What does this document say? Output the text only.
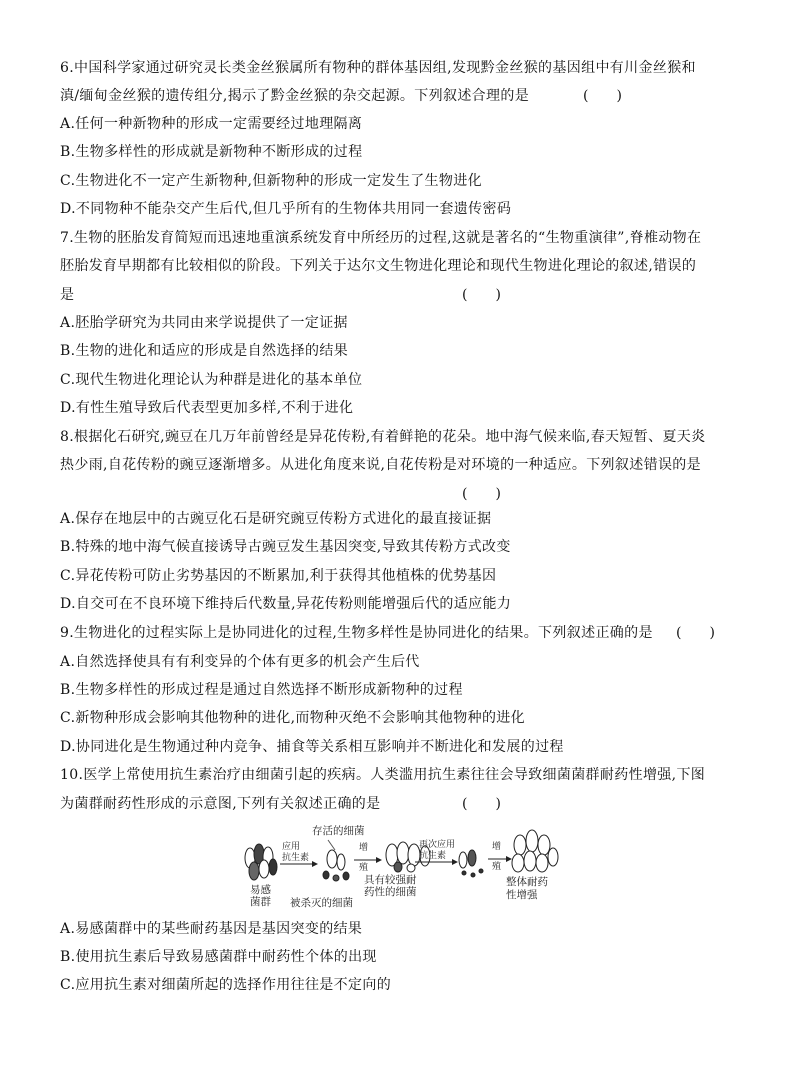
6.中国科学家通过研究灵长类金丝猴属所有物种的群体基因组,发现黔金丝猴的基因组中有川金丝猴和
滇/缅甸金丝猴的遗传组分,揭示了黔金丝猴的杂交起源。下列叙述合理的是	(　　)
A.任何一种新物种的形成一定需要经过地理隔离
B.生物多样性的形成就是新物种不断形成的过程
C.生物进化不一定产生新物种,但新物种的形成一定发生了生物进化
D.不同物种不能杂交产生后代,但几乎所有的生物体共用同一套遗传密码
7.生物的胚胎发育简短而迅速地重演系统发育中所经历的过程,这就是著名的“生物重演律”,脊椎动物在
胚胎发育早期都有比较相似的阶段。下列关于达尔文生物进化理论和现代生物进化理论的叙述,错误的
是	(　　)
A.胚胎学研究为共同由来学说提供了一定证据
B.生物的进化和适应的形成是自然选择的结果
C.现代生物进化理论认为种群是进化的基本单位
D.有性生殖导致后代表型更加多样,不利于进化
8.根据化石研究,豌豆在几万年前曾经是异花传粉,有着鲜艳的花朵。地中海气候来临,春天短暂、夏天炎
热少雨,自花传粉的豌豆逐渐增多。从进化角度来说,自花传粉是对环境的一种适应。下列叙述错误的是
(　　)
A.保存在地层中的古豌豆化石是研究豌豆传粉方式进化的最直接证据
B.特殊的地中海气候直接诱导古豌豆发生基因突变,导致其传粉方式改变
C.异花传粉可防止劣势基因的不断累加,利于获得其他植株的优势基因
D.自交可在不良环境下维持后代数量,异花传粉则能增强后代的适应能力
9.生物进化的过程实际上是协同进化的过程,生物多样性是协同进化的结果。下列叙述正确的是 (　　)
A.自然选择使具有有利变异的个体有更多的机会产生后代
B.生物多样性的形成过程是通过自然选择不断形成新物种的过程
C.新物种形成会影响其他物种的进化,而物种灭绝不会影响其他物种的进化
D.协同进化是生物通过种内竞争、捕食等关系相互影响并不断进化和发展的过程
10.医学上常使用抗生素治疗由细菌引起的疾病。人类滥用抗生素往往会导致细菌菌群耐药性增强,下图
为菌群耐药性形成的示意图,下列有关叙述正确的是	(　　)
易感
菌群
应用
抗生素
存活的细菌
被杀灭的细菌
增
殖
具有较强耐
药性的细菌
再次应用
抗生素
增
殖
整体耐药
性增强
A.易感菌群中的某些耐药基因是基因突变的结果
B.使用抗生素后导致易感菌群中耐药性个体的出现
C.应用抗生素对细菌所起的选择作用往往是不定向的
